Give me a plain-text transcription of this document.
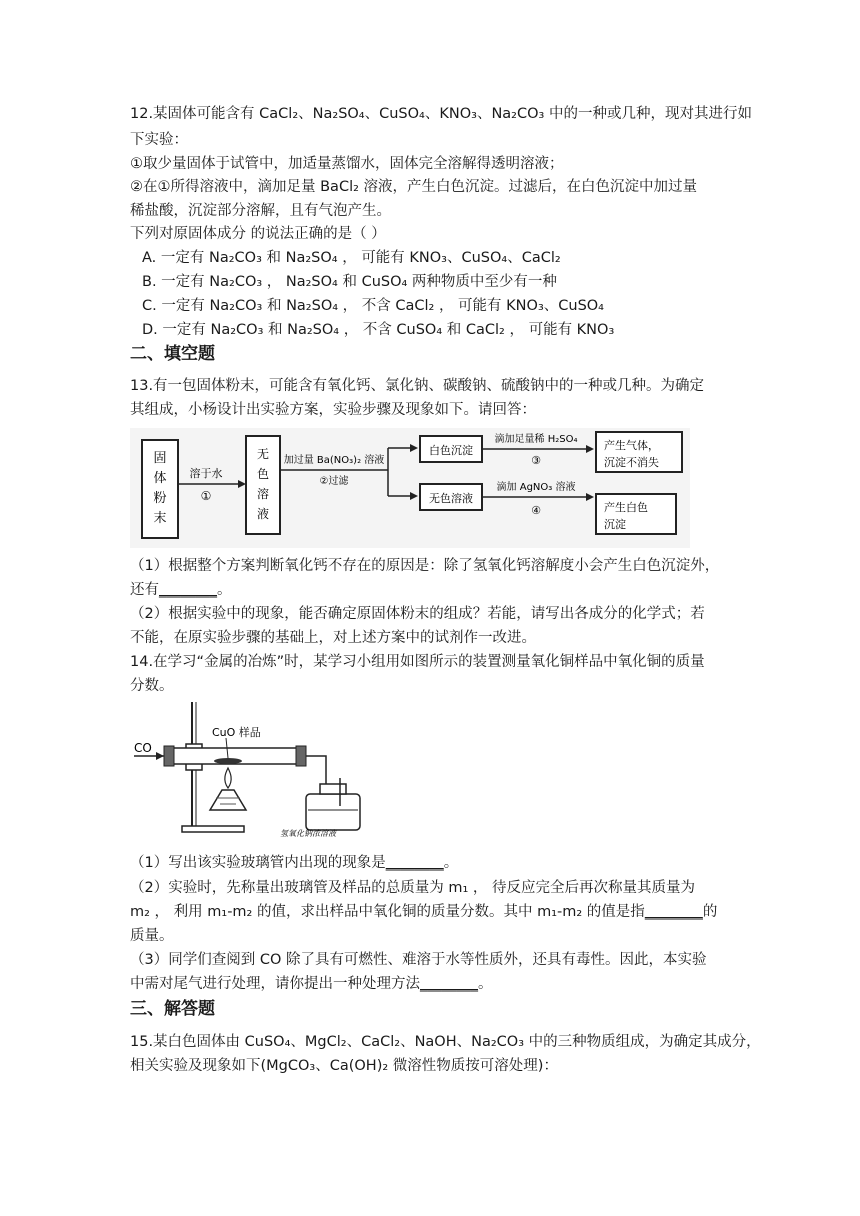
12.某固体可能含有 CaCl₂、Na₂SO₄、CuSO₄、KNO₃、Na₂CO₃ 中的一种或几种，现对其进行如
下实验：
①取少量固体于试管中，加适量蒸馏水，固体完全溶解得透明溶液；
②在①所得溶液中，滴加足量 BaCl₂ 溶液，产生白色沉淀。过滤后，在白色沉淀中加过量
稀盐酸，沉淀部分溶解，且有气泡产生。
下列对原固体成分 的说法正确的是（ ）
A. 一定有 Na₂CO₃ 和 Na₂SO₄ ， 可能有 KNO₃、CuSO₄、CaCl₂
B. 一定有 Na₂CO₃ ， Na₂SO₄ 和 CuSO₄ 两种物质中至少有一种
C. 一定有 Na₂CO₃ 和 Na₂SO₄ ， 不含 CaCl₂ ， 可能有 KNO₃、CuSO₄
D. 一定有 Na₂CO₃ 和 Na₂SO₄ ， 不含 CuSO₄ 和 CaCl₂ ， 可能有 KNO₃
二、填空题
13.有一包固体粉末，可能含有氧化钙、氯化钠、碳酸钠、硫酸钠中的一种或几种。为确定
其组成，小杨设计出实验方案，实验步骤及现象如下。请回答：
固
体
粉
末
溶于水
①
无
色
溶
液
加过量 Ba(NO₃)₂ 溶液
②过滤
白色沉淀
滴加足量稀 H₂SO₄
③
产生气体，
沉淀不消失
无色溶液
滴加 AgNO₃ 溶液
④	产生白色
沉淀
（1）根据整个方案判断氧化钙不存在的原因是：除了氢氧化钙溶解度小会产生白色沉淀外，
还有________。
（2）根据实验中的现象，能否确定原固体粉末的组成？若能，请写出各成分的化学式；若
不能，在原实验步骤的基础上，对上述方案中的试剂作一改进。
14.在学习“金属的冶炼”时，某学习小组用如图所示的装置测量氧化铜样品中氧化铜的质量
分数。
CO
CuO 样品
氢氧化钠浓溶液
（1）写出该实验玻璃管内出现的现象是________。
（2）实验时，先称量出玻璃管及样品的总质量为 m₁ ， 待反应完全后再次称量其质量为
m₂ ， 利用 m₁-m₂ 的值，求出样品中氧化铜的质量分数。其中 m₁-m₂ 的值是指________的
质量。
（3）同学们查阅到 CO 除了具有可燃性、难溶于水等性质外，还具有毒性。因此，本实验
中需对尾气进行处理，请你提出一种处理方法________。
三、解答题
15.某白色固体由 CuSO₄、MgCl₂、CaCl₂、NaOH、Na₂CO₃ 中的三种物质组成，为确定其成分，
相关实验及现象如下(MgCO₃、Ca(OH)₂ 微溶性物质按可溶处理)：
